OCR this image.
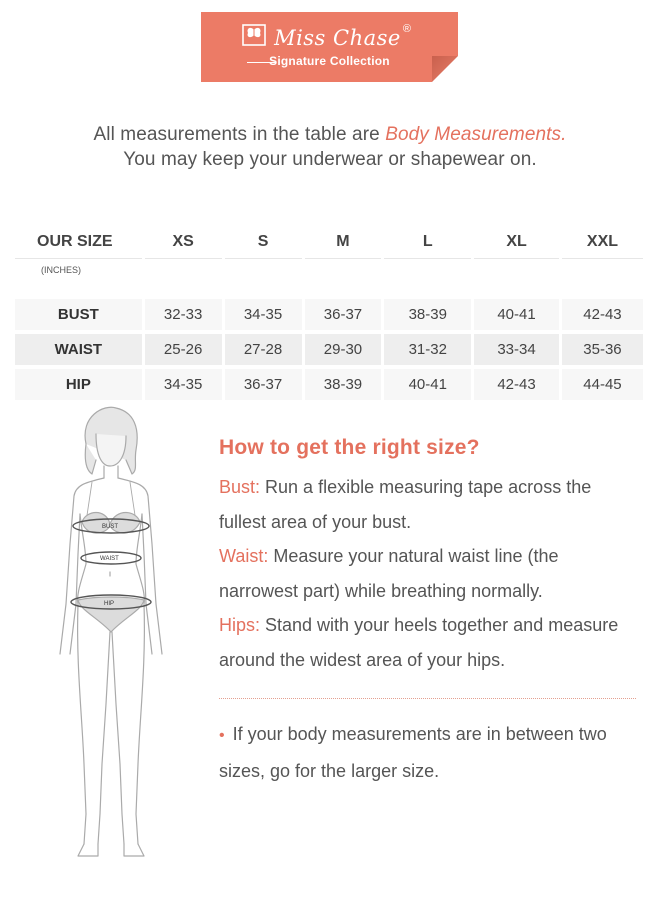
Miss Chase ®
Signature Collection
All measurements in the table are Body Measurements.
You may keep your underwear or shapewear on.
OUR SIZE	XS	S	M	L	XL	XXL
(INCHES)						

BUST	32-33	34-35	36-37	38-39	40-41	42-43
WAIST	25-26	27-28	29-30	31-32	33-34	35-36
HIP	34-35	36-37	38-39	40-41	42-43	44-45
BUST
WAIST
HIP
How to get the right size?

Bust: Run a flexible measuring tape across the fullest area of your bust.

Waist: Measure your natural waist line (the narrowest part) while breathing normally.

Hips: Stand with your heels together and measure around the widest area of your hips.

• If your body measurements are in between two sizes, go for the larger size.
